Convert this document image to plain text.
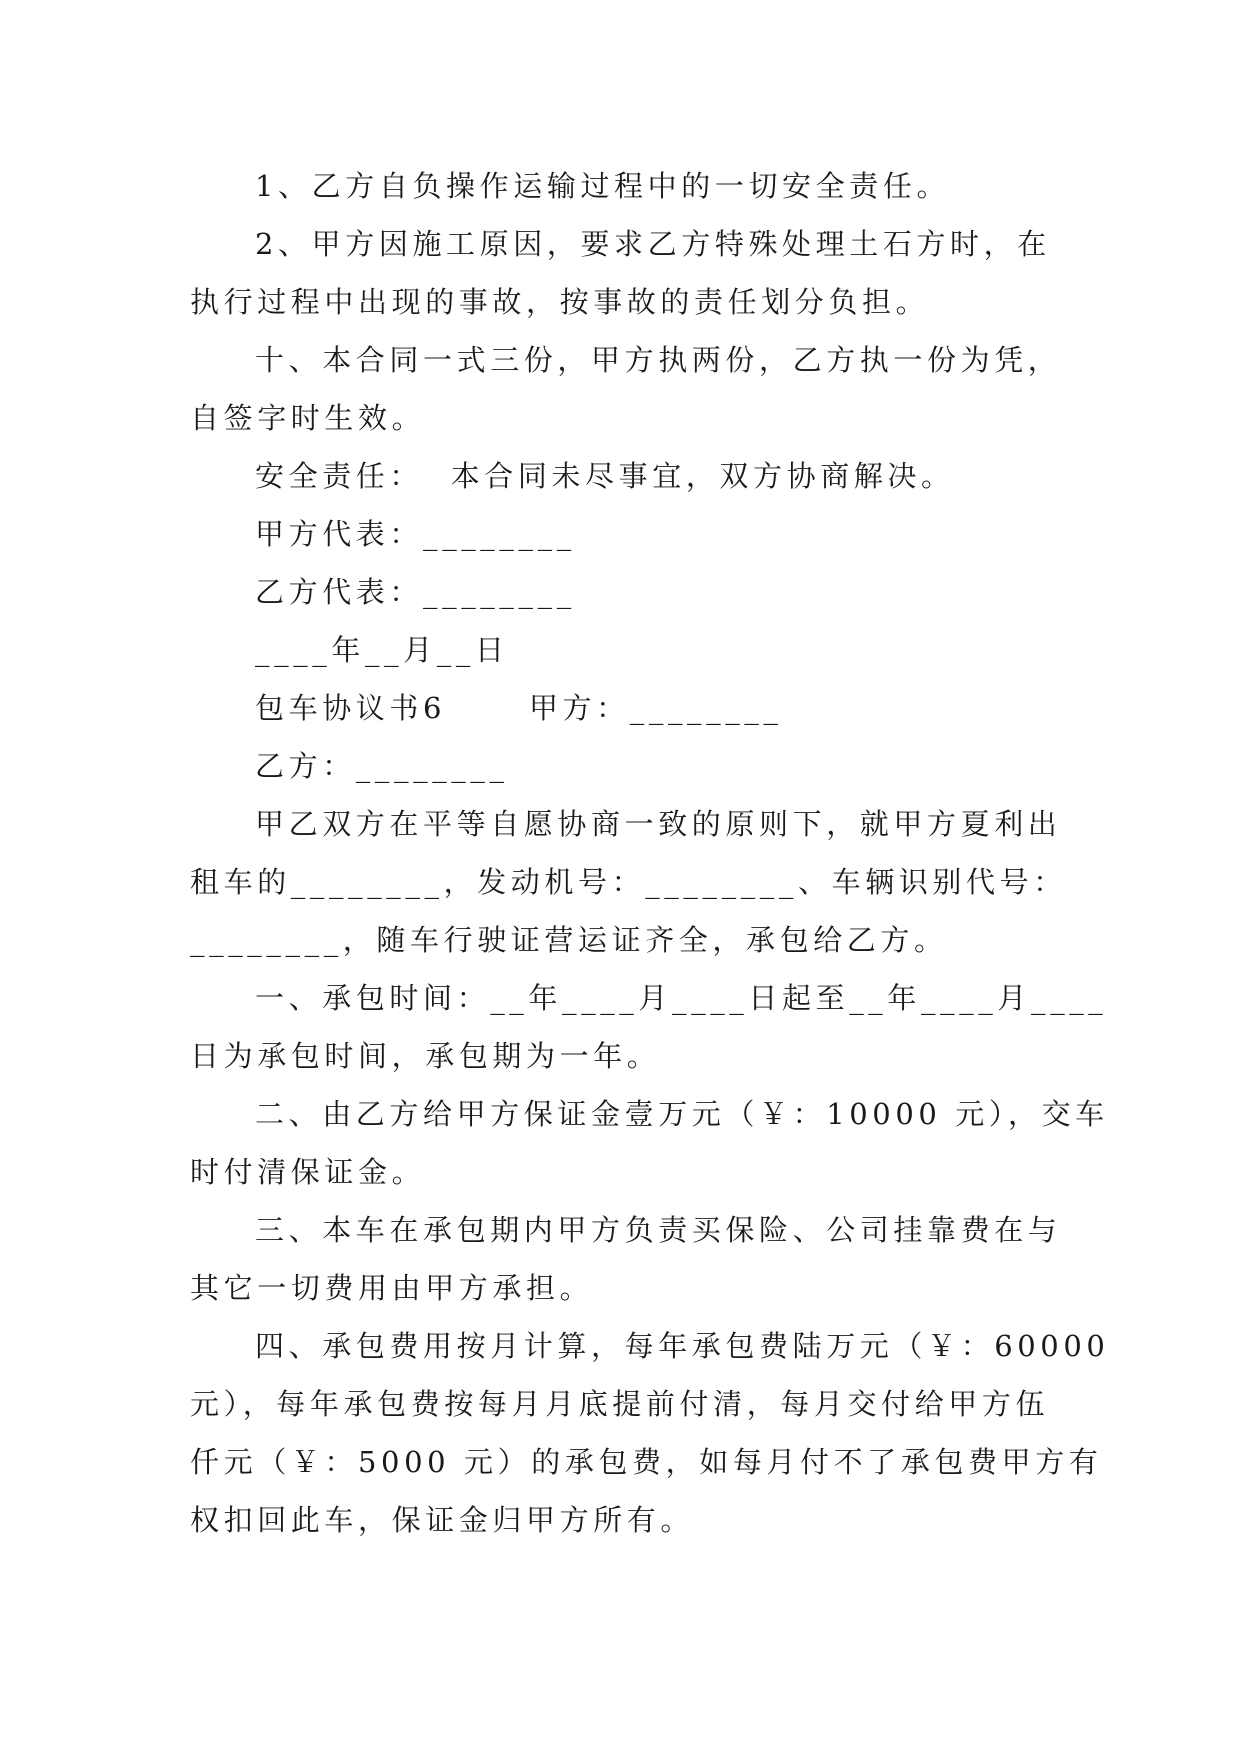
1、乙方自负操作运输过程中的一切安全责任。
2、甲方因施工原因，要求乙方特殊处理土石方时，在
执行过程中出现的事故，按事故的责任划分负担。
十、本合同一式三份，甲方执两份，乙方执一份为凭，
自签字时生效。
安全责任：  本合同未尽事宜，双方协商解决。
甲方代表：________
乙方代表：________
____年__月__日
包车协议书6      甲方：________
乙方：________
甲乙双方在平等自愿协商一致的原则下，就甲方夏利出
租车的________，发动机号：________、车辆识别代号：
________，随车行驶证营运证齐全，承包给乙方。
一、承包时间：__年____月____日起至__年____月____
日为承包时间，承包期为一年。
二、由乙方给甲方保证金壹万元（￥：10000 元），交车
时付清保证金。
三、本车在承包期内甲方负责买保险、公司挂靠费在与
其它一切费用由甲方承担。
四、承包费用按月计算，每年承包费陆万元（￥：60000
元），每年承包费按每月月底提前付清，每月交付给甲方伍
仟元（￥：5000 元）的承包费，如每月付不了承包费甲方有
权扣回此车，保证金归甲方所有。
